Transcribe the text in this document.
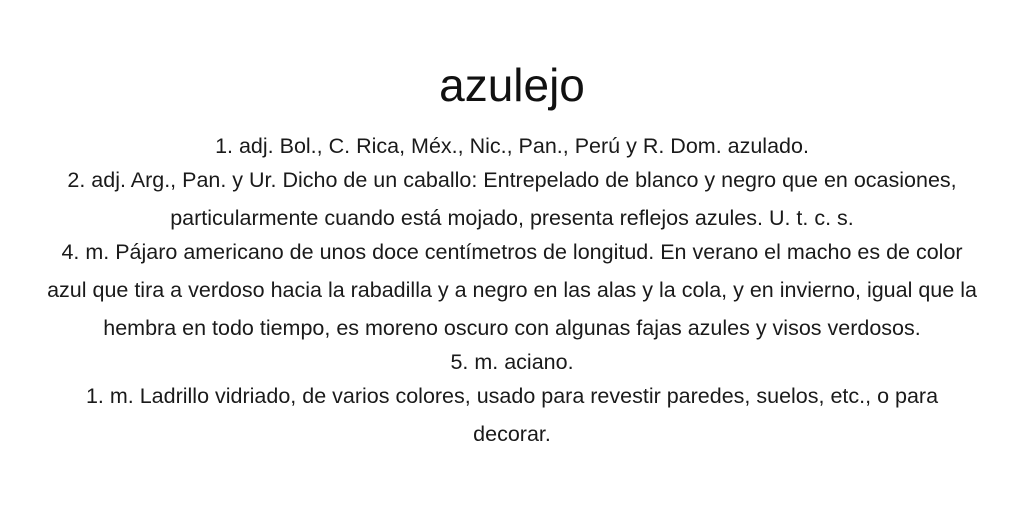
azulejo
1. adj. Bol., C. Rica, Méx., Nic., Pan., Perú y R. Dom. azulado.
2. adj. Arg., Pan. y Ur. Dicho de un caballo: Entrepelado de blanco y negro que en ocasiones, particularmente cuando está mojado, presenta reflejos azules. U. t. c. s.
4. m. Pájaro americano de unos doce centímetros de longitud. En verano el macho es de color azul que tira a verdoso hacia la rabadilla y a negro en las alas y la cola, y en invierno, igual que la hembra en todo tiempo, es moreno oscuro con algunas fajas azules y visos verdosos.
5. m. aciano.
1. m. Ladrillo vidriado, de varios colores, usado para revestir paredes, suelos, etc., o para decorar.
